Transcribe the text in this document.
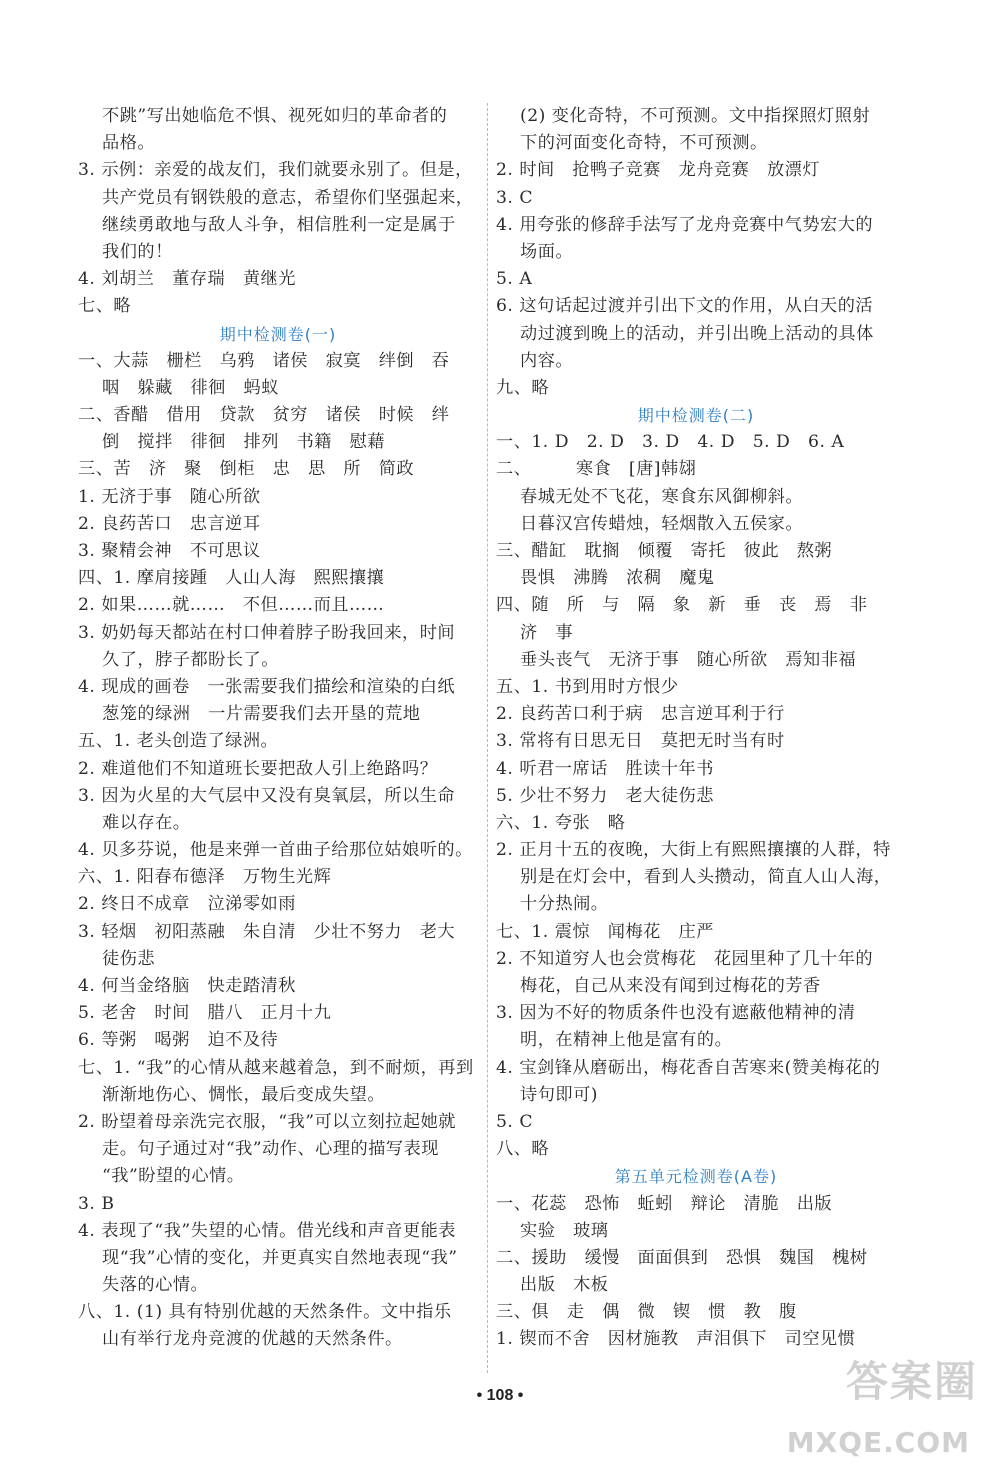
不跳”写出她临危不惧、视死如归的革命者的
品格。
3. 示例：亲爱的战友们，我们就要永别了。但是，
共产党员有钢铁般的意志，希望你们坚强起来，
继续勇敢地与敌人斗争，相信胜利一定是属于
我们的！
4. 刘胡兰　董存瑞　黄继光
七、略
期中检测卷(一)
一、大蒜　栅栏　乌鸦　诸侯　寂寞　绊倒　吞
咽　躲藏　徘徊　蚂蚁
二、香醋　借用　贷款　贫穷　诸侯　时候　绊
倒　搅拌　徘徊　排列　书籍　慰藉
三、苦　济　聚　倒柜　忠　思　所　简政
1. 无济于事　随心所欲
2. 良药苦口　忠言逆耳
3. 聚精会神　不可思议
四、1. 摩肩接踵　人山人海　熙熙攘攘
2. 如果……就……　不但……而且……
3. 奶奶每天都站在村口伸着脖子盼我回来，时间
久了，脖子都盼长了。
4. 现成的画卷　一张需要我们描绘和渲染的白纸
葱笼的绿洲　一片需要我们去开垦的荒地
五、1. 老头创造了绿洲。
2. 难道他们不知道班长要把敌人引上绝路吗？
3. 因为火星的大气层中又没有臭氧层，所以生命
难以存在。
4. 贝多芬说，他是来弹一首曲子给那位姑娘听的。
六、1. 阳春布德泽　万物生光辉
2. 终日不成章　泣涕零如雨
3. 轻烟　初阳蒸融　朱自清　少壮不努力　老大
徒伤悲
4. 何当金络脑　快走踏清秋
5. 老舍　时间　腊八　正月十九
6. 等粥　喝粥　迫不及待
七、1. “我”的心情从越来越着急，到不耐烦，再到
渐渐地伤心、惆怅，最后变成失望。
2. 盼望着母亲洗完衣服，“我”可以立刻拉起她就
走。句子通过对“我”动作、心理的描写表现
“我”盼望的心情。
3. B
4. 表现了“我”失望的心情。借光线和声音更能表
现“我”心情的变化，并更真实自然地表现“我”
失落的心情。
八、1. (1) 具有特别优越的天然条件。文中指乐
山有举行龙舟竞渡的优越的天然条件。
(2) 变化奇特，不可预测。文中指探照灯照射
下的河面变化奇特，不可预测。
2. 时间　抢鸭子竞赛　龙舟竞赛　放漂灯
3. C
4. 用夸张的修辞手法写了龙舟竞赛中气势宏大的
场面。
5. A
6. 这句话起过渡并引出下文的作用，从白天的活
动过渡到晚上的活动，并引出晚上活动的具体
内容。
九、略
期中检测卷(二)
一、1. D　2. D　3. D　4. D　5. D　6. A
二、　　　寒食　[唐]韩翃
春城无处不飞花，寒食东风御柳斜。
日暮汉宫传蜡烛，轻烟散入五侯家。
三、醋缸　耽搁　倾覆　寄托　彼此　熬粥
畏惧　沸腾　浓稠　魔鬼
四、随　所　与　隔　象　新　垂　丧　焉　非
济　事
垂头丧气　无济于事　随心所欲　焉知非福
五、1. 书到用时方恨少
2. 良药苦口利于病　忠言逆耳利于行
3. 常将有日思无日　莫把无时当有时
4. 听君一席话　胜读十年书
5. 少壮不努力　老大徒伤悲
六、1. 夸张　略
2. 正月十五的夜晚，大街上有熙熙攘攘的人群，特
别是在灯会中，看到人头攒动，简直人山人海，
十分热闹。
七、1. 震惊　闻梅花　庄严
2. 不知道穷人也会赏梅花　花园里种了几十年的
梅花，自己从来没有闻到过梅花的芳香
3. 因为不好的物质条件也没有遮蔽他精神的清
明，在精神上他是富有的。
4. 宝剑锋从磨砺出，梅花香自苦寒来(赞美梅花的
诗句即可)
5. C
八、略
第五单元检测卷(A卷)
一、花蕊　恐怖　蚯蚓　辩论　清脆　出版
实验　玻璃
二、援助　缓慢　面面俱到　恐惧　魏国　槐树
出版　木板
三、俱　走　偶　微　锲　惯　教　腹
1. 锲而不舍　因材施教　声泪俱下　司空见惯
• 108 •	答案圈
MXQE.COM
